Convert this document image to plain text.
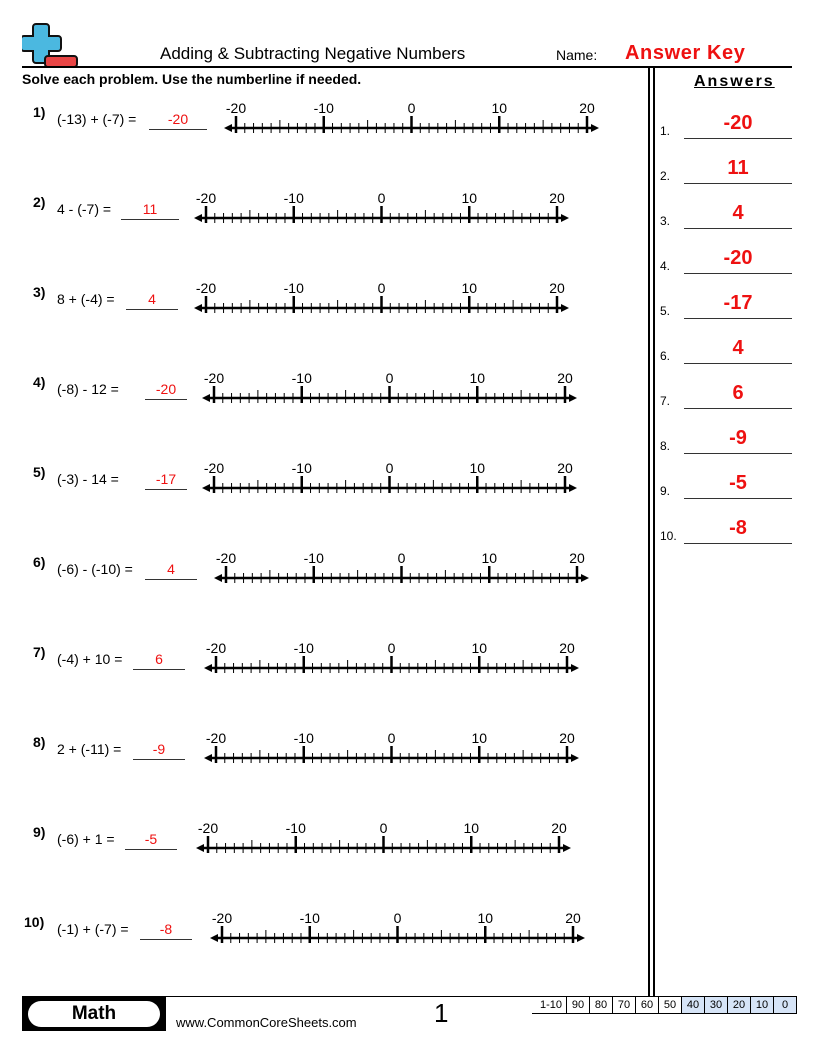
Adding & Subtracting Negative Numbers	Name: Answer Key
Solve each problem. Use the numberline if needed.	Answers
1.	-20
2.	11
3.	4
4.	-20
5.	-17
6.	4
7.	6
8.	-9
9.	-5
10.	-8
1) (-13) + (-7) =	-20
-20	-10	0	10	20
2) 4 - (-7) =	11
-20	-10	0	10	20
3) 8 + (-4) =	4
-20	-10	0	10	20
4) (-8) - 12 =	-20
-20	-10	0	10	20
5) (-3) - 14 =	-17
-20	-10	0	10	20
6) (-6) - (-10) =	4
-20	-10	0	10	20
7) (-4) + 10 =	6
-20	-10	0	10	20
8) 2 + (-11) =	-9
-20	-10	0	10	20
9) (-6) + 1 =	-5
-20	-10	0	10	20
10) (-1) + (-7) =	-8
-20	-10	0	10	20
Math	www.CommonCoreSheets.com	1	1-10	90	80	70	60	50	40	30	20	10	0
